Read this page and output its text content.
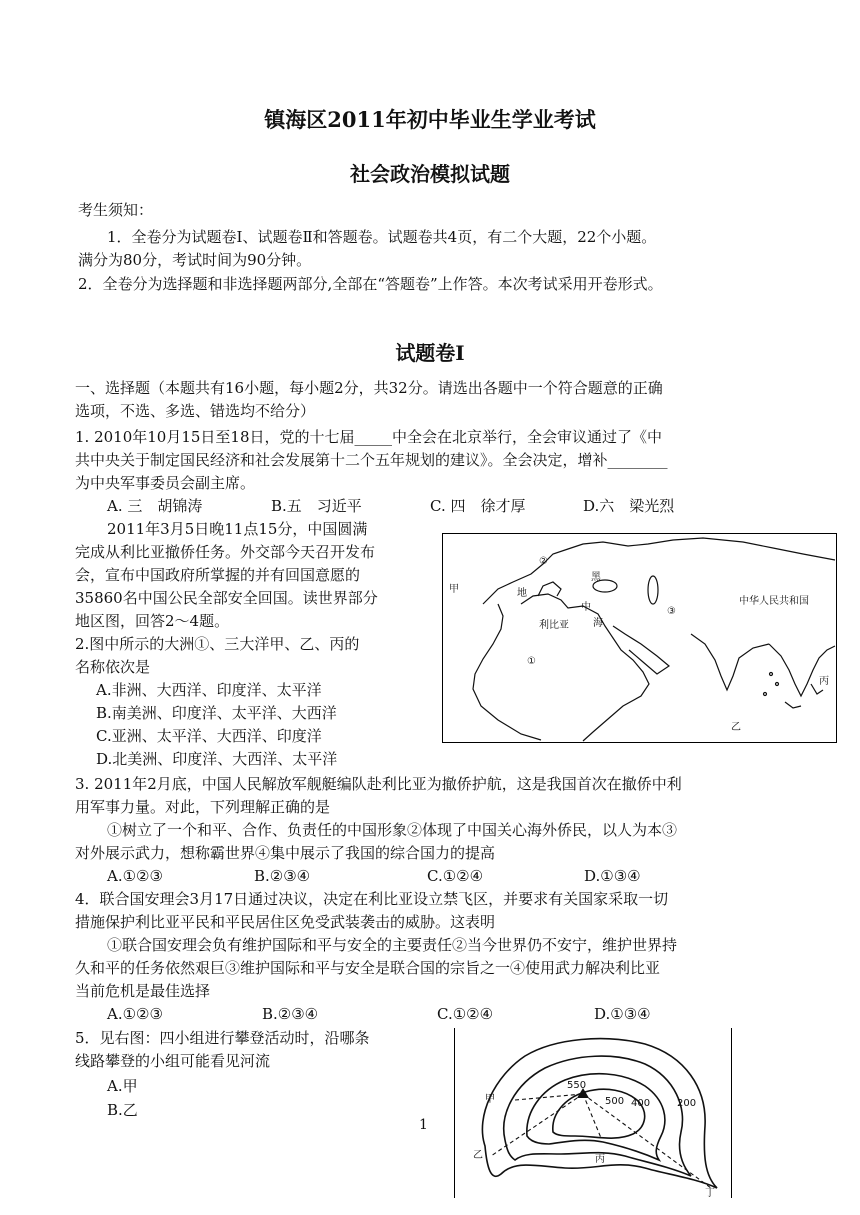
镇海区2011年初中毕业生学业考试
社会政治模拟试题
考生须知：
1．全卷分为试题卷Ⅰ、试题卷Ⅱ和答题卷。试题卷共4页，有二个大题，22个小题。
满分为80分，考试时间为90分钟。
2．全卷分为选择题和非选择题两部分,全部在“答题卷”上作答。本次考试采用开卷形式。
试题卷Ⅰ
一、选择题（本题共有16小题，每小题2分，共32分。请选出各题中一个符合题意的正确
选项，不选、多选、错选均不给分）
1. 2010年10月15日至18日，党的十七届_____中全会在北京举行，全会审议通过了《中
共中央关于制定国民经济和社会发展第十二个五年规划的建议》。全会决定，增补________
为中央军事委员会副主席。
A. 三　胡锦涛	B.五　习近平	C. 四　徐才厚	D.六　梁光烈
2011年3月5日晚11点15分，中国圆满
完成从利比亚撤侨任务。外交部今天召开发布
会，宣布中国政府所掌握的并有回国意愿的
35860名中国公民全部安全回国。读世界部分
地区图，回答2～4题。
2.图中所示的大洲①、三大洋甲、乙、丙的
名称依次是
A.非洲、大西洋、印度洋、太平洋
B.南美洲、印度洋、太平洋、大西洋
C.亚洲、太平洋、大西洋、印度洋
D.北美洲、印度洋、大西洋、太平洋
甲
乙
丙
①
②
③
利比亚
中华人民共和国
地
中
海
黑
3. 2011年2月底，中国人民解放军舰艇编队赴利比亚为撤侨护航，这是我国首次在撤侨中利
用军事力量。对此，下列理解正确的是
①树立了一个和平、合作、负责任的中国形象②体现了中国关心海外侨民，以人为本③
对外展示武力，想称霸世界④集中展示了我国的综合国力的提高
A.①②③	B.②③④	C.①②④	D.①③④
4．联合国安理会3月17日通过决议，决定在利比亚设立禁飞区，并要求有关国家采取一切
措施保护利比亚平民和平民居住区免受武装袭击的威胁。这表明
①联合国安理会负有维护国际和平与安全的主要责任②当今世界仍不安宁，维护世界持
久和平的任务依然艰巨③维护国际和平与安全是联合国的宗旨之一④使用武力解决利比亚
当前危机是最佳选择
A.①②③	B.②③④	C.①②④	D.①③④
5．见右图：四小组进行攀登活动时，沿哪条
线路攀登的小组可能看见河流
A.甲
B.乙
550
500 400	200
甲
乙	丙
丁
1
